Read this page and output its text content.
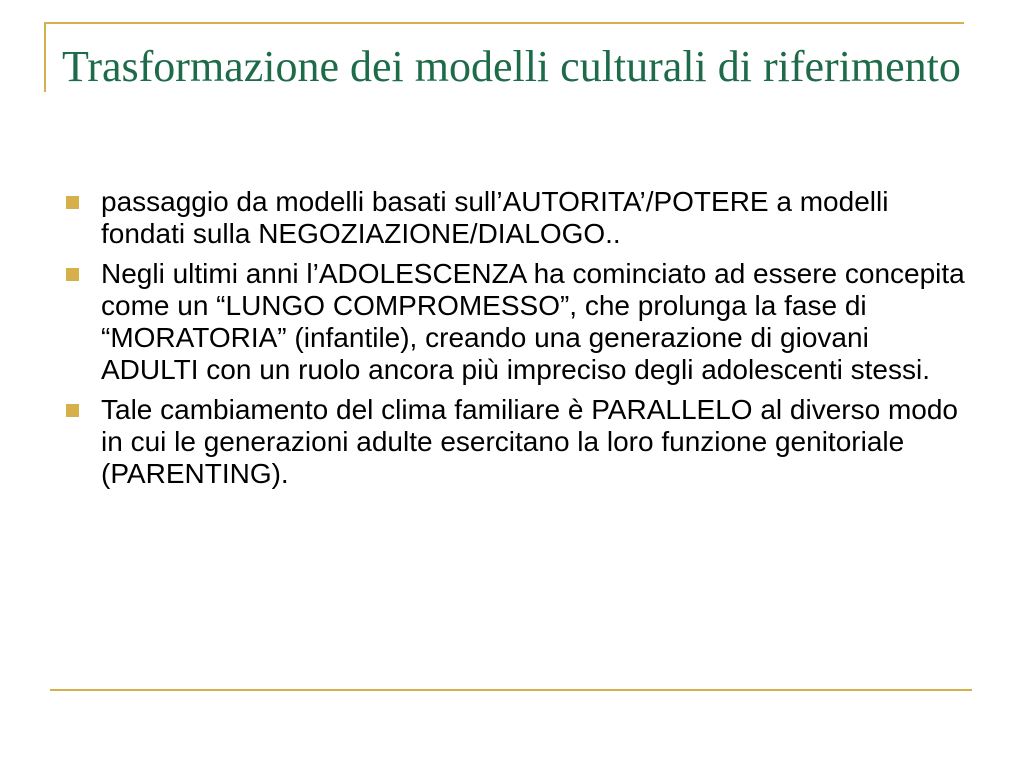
Trasformazione dei modelli culturali di riferimento
passaggio da modelli basati sull’AUTORITA’/POTERE a modelli fondati sulla NEGOZIAZIONE/DIALOGO..
Negli ultimi anni l’ADOLESCENZA ha cominciato ad essere concepita come un “LUNGO COMPROMESSO”, che prolunga la fase di “MORATORIA” (infantile), creando una generazione di giovani ADULTI con un ruolo ancora più impreciso degli adolescenti stessi.
Tale cambiamento del clima familiare è PARALLELO al diverso modo in cui le generazioni adulte esercitano la loro funzione genitoriale (PARENTING).
